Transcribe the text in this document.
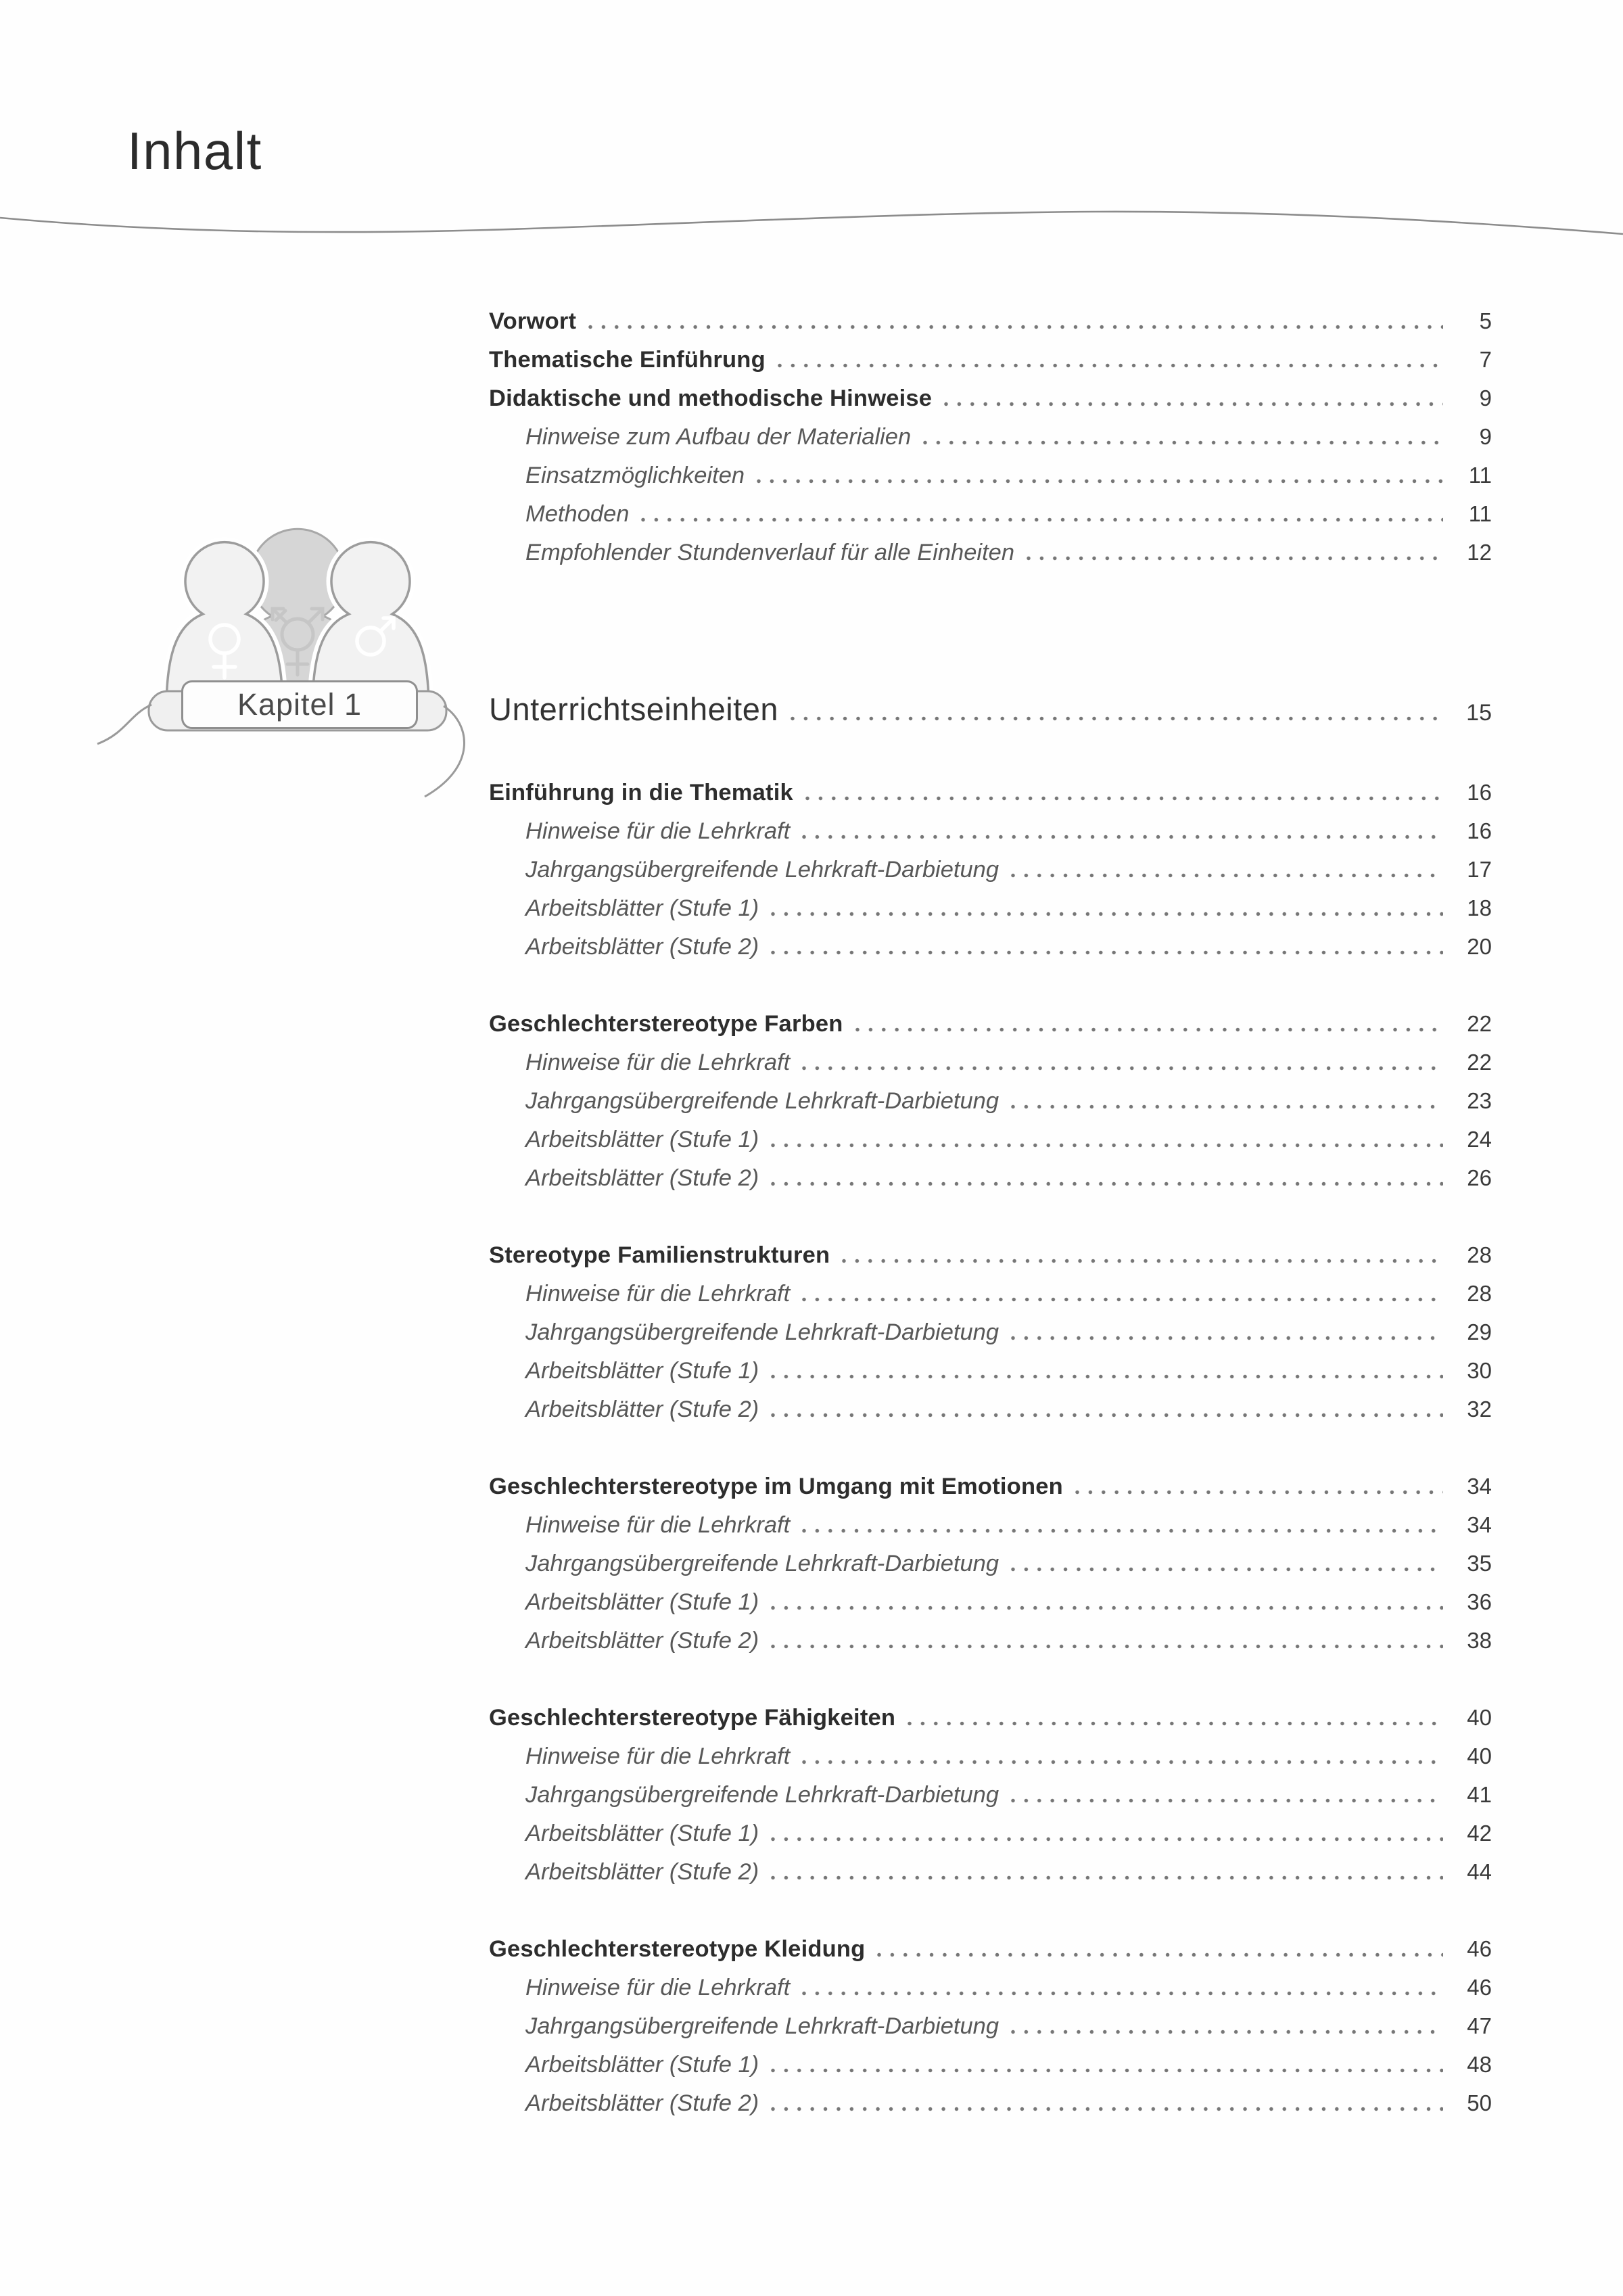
Inhalt
Kapitel 1
Vorwort	5
Thematische Einführung	7
Didaktische und methodische Hinweise	9
Hinweise zum Aufbau der Materialien	9
Einsatzmöglichkeiten	11
Methoden	11
Empfohlender Stundenverlauf für alle Einheiten	12
Unterrichtseinheiten	15
Einführung in die Thematik	16
Hinweise für die Lehrkraft	16
Jahrgangsübergreifende Lehrkraft-Darbietung	17
Arbeitsblätter (Stufe 1)	18
Arbeitsblätter (Stufe 2)	20
Geschlechterstereotype Farben	22
Hinweise für die Lehrkraft	22
Jahrgangsübergreifende Lehrkraft-Darbietung	23
Arbeitsblätter (Stufe 1)	24
Arbeitsblätter (Stufe 2)	26
Stereotype Familienstrukturen	28
Hinweise für die Lehrkraft	28
Jahrgangsübergreifende Lehrkraft-Darbietung	29
Arbeitsblätter (Stufe 1)	30
Arbeitsblätter (Stufe 2)	32
Geschlechterstereotype im Umgang mit Emotionen	34
Hinweise für die Lehrkraft	34
Jahrgangsübergreifende Lehrkraft-Darbietung	35
Arbeitsblätter (Stufe 1)	36
Arbeitsblätter (Stufe 2)	38
Geschlechterstereotype Fähigkeiten	40
Hinweise für die Lehrkraft	40
Jahrgangsübergreifende Lehrkraft-Darbietung	41
Arbeitsblätter (Stufe 1)	42
Arbeitsblätter (Stufe 2)	44
Geschlechterstereotype Kleidung	46
Hinweise für die Lehrkraft	46
Jahrgangsübergreifende Lehrkraft-Darbietung	47
Arbeitsblätter (Stufe 1)	48
Arbeitsblätter (Stufe 2)	50
